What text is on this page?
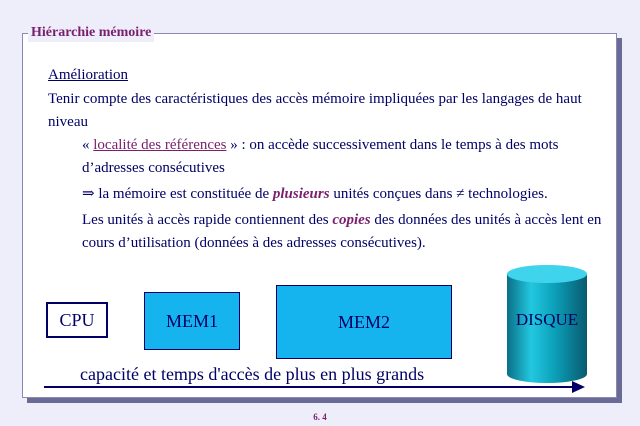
Hiérarchie mémoire
Amélioration
Tenir compte des caractéristiques des accès mémoire impliquées par les langages de haut niveau
« localité des références » : on accède successivement dans le temps à des mots d’adresses consécutives
⇒ la mémoire est constituée de plusieurs unités conçues dans ≠ technologies.
Les unités à accès rapide contiennent des copies des données des unités à accès lent en cours d’utilisation (données à des adresses consécutives).
CPU	MEM1	MEM2	DISQUE
capacité et temps d'accès de plus en plus grands
6. 4
